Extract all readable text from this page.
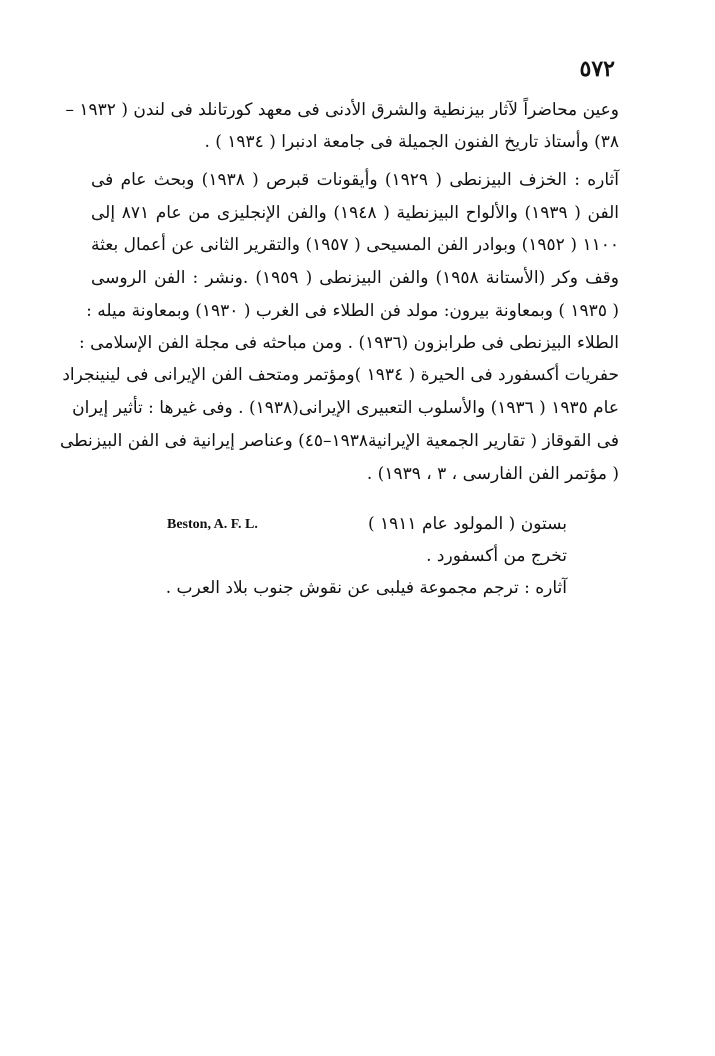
٥٧٢
وعين محاضراً لآثار بيزنطية والشرق الأدنى فى معهد كورتانلد فى لندن ( ١٩٣٢ –
٣٨) وأستاذ تاريخ الفنون الجميلة فى جامعة ادنبرا ( ١٩٣٤ ) .
آثاره : الخزف البيزنطى ( ١٩٢٩) وأيقونات قبرص ( ١٩٣٨) وبحث عام فى
الفن ( ١٩٣٩) والألواح البيزنطية ( ١٩٤٨) والفن الإنجليزى من عام ٨٧١ إلى
١١٠٠ ( ١٩٥٢) وبوادر الفن المسيحى ( ١٩٥٧) والتقرير الثانى عن أعمال بعثة
وقف وكر (الأستانة ١٩٥٨) والفن البيزنطى ( ١٩٥٩) .ونشر : الفن الروسى
( ١٩٣٥ ) وبمعاونة بيرون: مولد فن الطلاء فى الغرب ( ١٩٣٠) وبمعاونة ميله :
الطلاء البيزنطى فى طرابزون (١٩٣٦) . ومن مباحثه فى مجلة الفن الإسلامى :
حفريات أكسفورد فى الحيرة ( ١٩٣٤ )ومؤتمر ومتحف الفن الإيرانى فى لينينجراد
عام ١٩٣٥ ( ١٩٣٦) والأسلوب التعبيرى الإيرانى(١٩٣٨) . وفى غيرها : تأثير إيران
فى القوقاز ( تقارير الجمعية الإيرانية١٩٣٨–٤٥) وعناصر إيرانية فى الفن البيزنطى
( مؤتمر الفن الفارسى ، ٣ ، ١٩٣٩) .
بستون ( المولود عام ١٩١١ )
Beston, A. F. L.
تخرج من أكسفورد .
آثاره : ترجم مجموعة فيلبى عن نقوش جنوب بلاد العرب .
